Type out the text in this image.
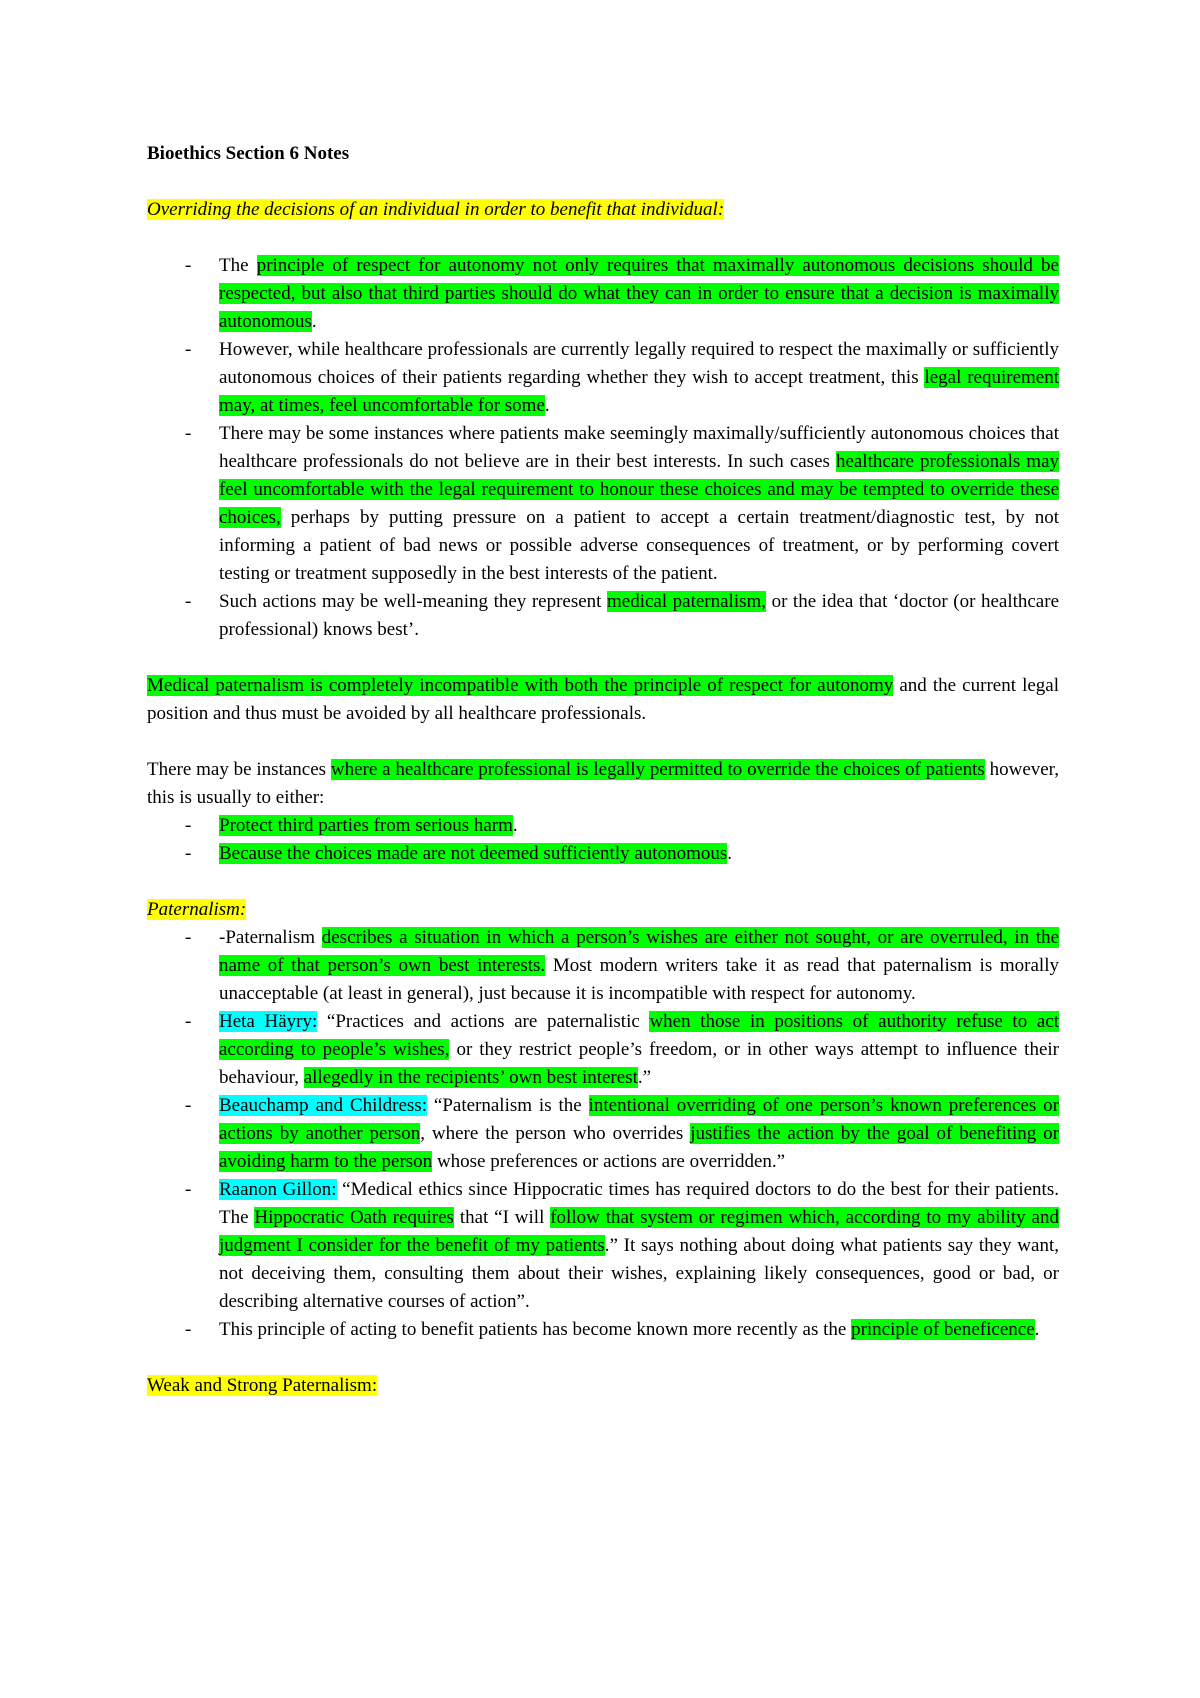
Bioethics Section 6 Notes

Overriding the decisions of an individual in order to benefit that individual:

- The principle of respect for autonomy not only requires that maximally autonomous decisions should be respected, but also that third parties should do what they can in order to ensure that a decision is maximally autonomous.
- However, while healthcare professionals are currently legally required to respect the maximally or sufficiently autonomous choices of their patients regarding whether they wish to accept treatment, this legal requirement may, at times, feel uncomfortable for some.
- There may be some instances where patients make seemingly maximally/sufficiently autonomous choices that healthcare professionals do not believe are in their best interests. In such cases healthcare professionals may feel uncomfortable with the legal requirement to honour these choices and may be tempted to override these choices, perhaps by putting pressure on a patient to accept a certain treatment/diagnostic test, by not informing a patient of bad news or possible adverse consequences of treatment, or by performing covert testing or treatment supposedly in the best interests of the patient.
- Such actions may be well-meaning they represent medical paternalism, or the idea that ‘doctor (or healthcare professional) knows best’.

Medical paternalism is completely incompatible with both the principle of respect for autonomy and the current legal position and thus must be avoided by all healthcare professionals.

There may be instances where a healthcare professional is legally permitted to override the choices of patients however, this is usually to either:

- Protect third parties from serious harm.
- Because the choices made are not deemed sufficiently autonomous.

Paternalism:

- -Paternalism describes a situation in which a person’s wishes are either not sought, or are overruled, in the name of that person’s own best interests. Most modern writers take it as read that paternalism is morally unacceptable (at least in general), just because it is incompatible with respect for autonomy.
- Heta Häyry: “Practices and actions are paternalistic when those in positions of authority refuse to act according to people’s wishes, or they restrict people’s freedom, or in other ways attempt to influence their behaviour, allegedly in the recipients’ own best interest.”
- Beauchamp and Childress: “Paternalism is the intentional overriding of one person’s known preferences or actions by another person, where the person who overrides justifies the action by the goal of benefiting or avoiding harm to the person whose preferences or actions are overridden.”
- Raanon Gillon: “Medical ethics since Hippocratic times has required doctors to do the best for their patients. The Hippocratic Oath requires that “I will follow that system or regimen which, according to my ability and judgment I consider for the benefit of my patients.” It says nothing about doing what patients say they want, not deceiving them, consulting them about their wishes, explaining likely consequences, good or bad, or describing alternative courses of action”.
- This principle of acting to benefit patients has become known more recently as the principle of beneficence.

Weak and Strong Paternalism:
